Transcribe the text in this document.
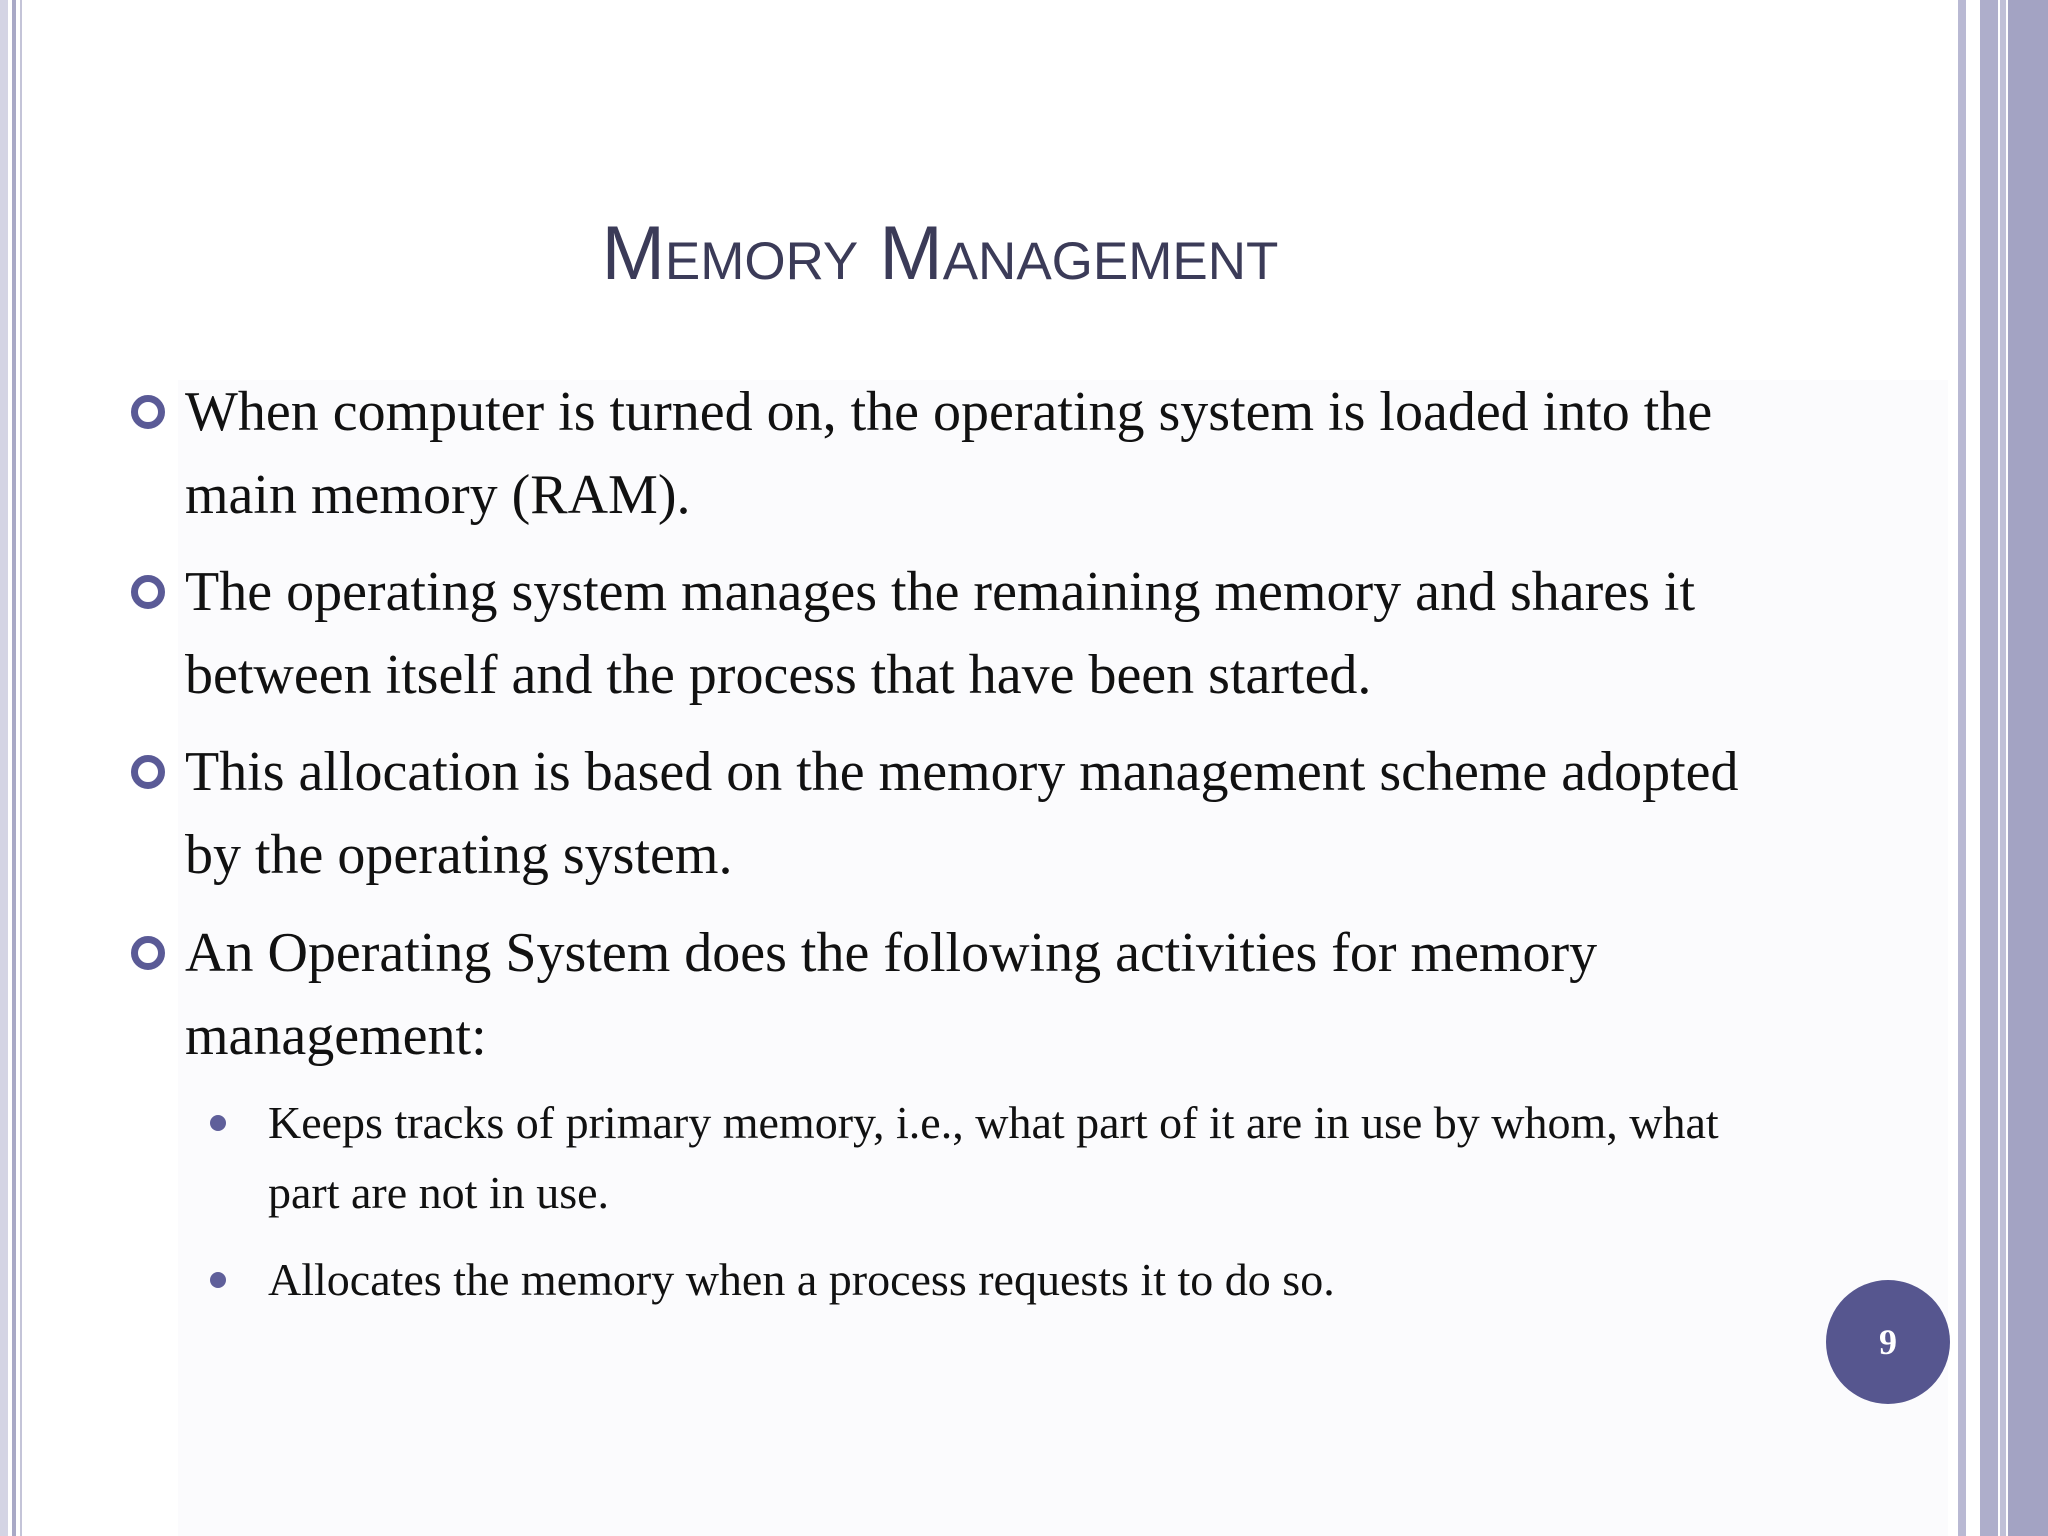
Memory Management
When computer is turned on, the operating system is loaded into the main memory (RAM).
The operating system manages the remaining memory and shares it between itself and the process that have been started.
This allocation is based on the memory management scheme adopted by the operating system.
An Operating System does the following activities for memory management:
Keeps tracks of primary memory, i.e., what part of it are in use by whom, what part are not in use.
Allocates the memory when a process requests it to do so.
9
